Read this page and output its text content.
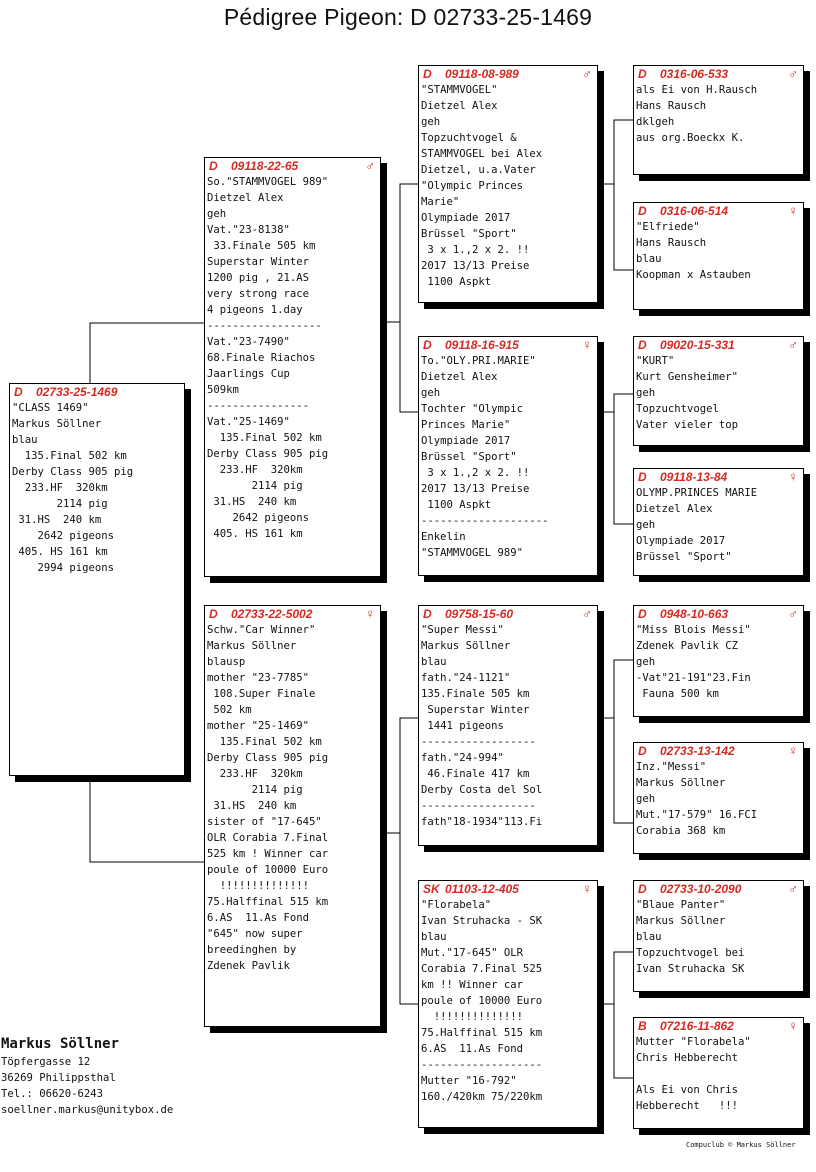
Pédigree Pigeon: D 02733-25-1469
D 02733-25-1469
"CLASS 1469"
Markus Söllner
blau
135.Final 502 km
Derby Class 905 pig
233.HF  320km
2114 pig
31.HS  240 km
2642 pigeons
405. HS 161 km
2994 pigeons
D 09118-22-65	♂
So."STAMMVOGEL 989"
Dietzel Alex
geh
Vat."23-8138"
33.Finale 505 km
Superstar Winter
1200 pig , 21.AS
very strong race
4 pigeons 1.day
------------------
Vat."23-7490"
68.Finale Riachos
Jaarlings Cup
509km
----------------
Vat."25-1469"
135.Final 502 km
Derby Class 905 pig
233.HF  320km
2114 pig
31.HS  240 km
2642 pigeons
405. HS 161 km
D 02733-22-5002	♀
Schw."Car Winner"
Markus Söllner
blausp
mother "23-7785"
108.Super Finale
502 km
mother "25-1469"
135.Final 502 km
Derby Class 905 pig
233.HF  320km
2114 pig
31.HS  240 km
sister of "17-645"
OLR Corabia 7.Final
525 km ! Winner car
poule of 10000 Euro
!!!!!!!!!!!!!!
75.Halffinal 515 km
6.AS  11.As Fond
"645" now super
breedinghen by
Zdenek Pavlik
D 09118-08-989	♂
"STAMMVOGEL"
Dietzel Alex
geh
Topzuchtvogel &
STAMMVOGEL bei Alex
Dietzel, u.a.Vater
"Olympic Princes
Marie"
Olympiade 2017
Brüssel "Sport"
3 x 1.,2 x 2. !!
2017 13/13 Preise
1100 Aspkt
D 09118-16-915	♀
To."OLY.PRI.MARIE"
Dietzel Alex
geh
Tochter "Olympic
Princes Marie"
Olympiade 2017
Brüssel "Sport"
3 x 1.,2 x 2. !!
2017 13/13 Preise
1100 Aspkt
--------------------
Enkelin
"STAMMVOGEL 989"
D 09758-15-60	♂
"Super Messi"
Markus Söllner
blau
fath."24-1121"
135.Finale 505 km
Superstar Winter
1441 pigeons
------------------
fath."24-994"
46.Finale 417 km
Derby Costa del Sol
------------------
fath"18-1934"113.Fi
SK 01103-12-405	♀
"Florabela"
Ivan Struhacka - SK
blau
Mut."17-645" OLR
Corabia 7.Final 525
km !! Winner car
poule of 10000 Euro
!!!!!!!!!!!!!!
75.Halffinal 515 km
6.AS  11.As Fond
-------------------
Mutter "16-792"
160./420km 75/220km
D 0316-06-533	♂
als Ei von H.Rausch
Hans Rausch
dklgeh
aus org.Boeckx K.
D 0316-06-514	♀
"Elfriede"
Hans Rausch
blau
Koopman x Astauben
D 09020-15-331	♂
"KURT"
Kurt Gensheimer"
geh
Topzuchtvogel
Vater vieler top
D 09118-13-84	♀
OLYMP.PRINCES MARIE
Dietzel Alex
geh
Olympiade 2017
Brüssel "Sport"
D 0948-10-663	♂
"Miss Blois Messi"
Zdenek Pavlik CZ
geh
-Vat"21-191"23.Fin
Fauna 500 km
D 02733-13-142	♀
Inz."Messi"
Markus Söllner
geh
Mut."17-579" 16.FCI
Corabia 368 km
D 02733-10-2090	♂
"Blaue Panter"
Markus Söllner
blau
Topzuchtvogel bei
Ivan Struhacka SK
B 07216-11-862	♀
Mutter "Florabela"
Chris Hebberecht

Als Ei von Chris
Hebberecht   !!!
Markus Söllner
Töpfergasse 12
36269 Philippsthal
Tel.: 06620-6243
soellner.markus@unitybox.de
Compuclub © Markus Söllner
